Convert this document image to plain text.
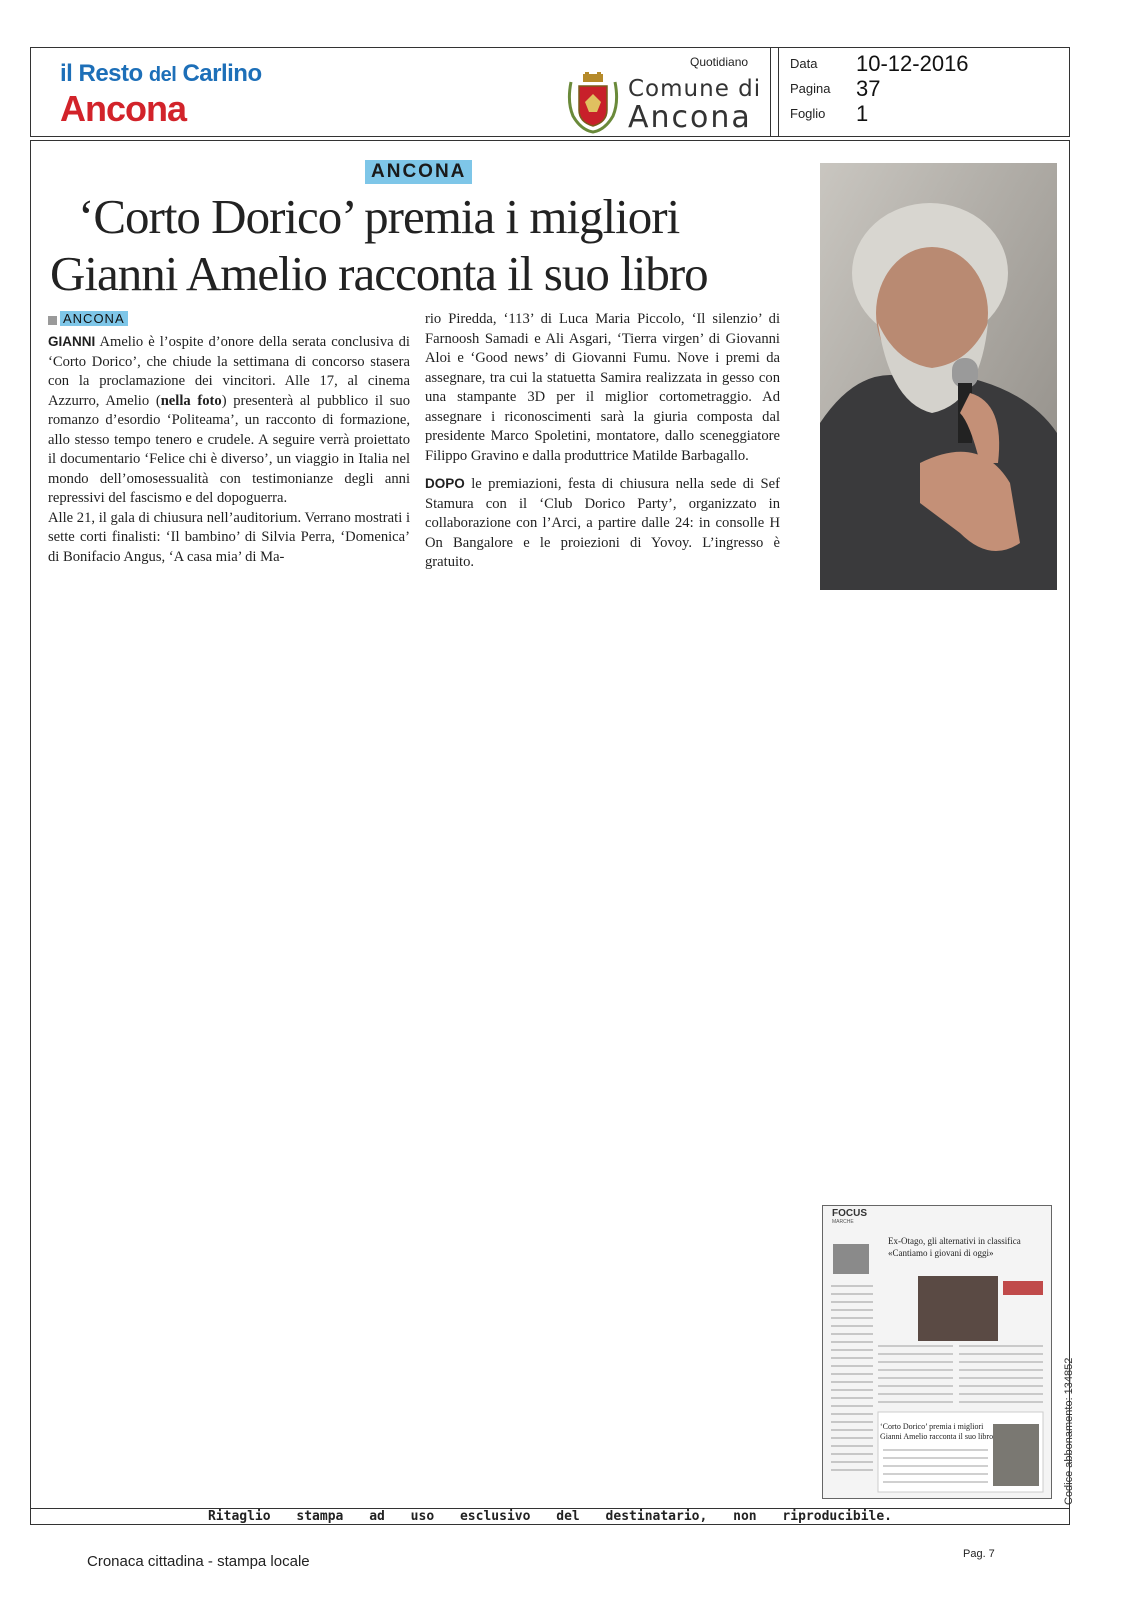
il Resto del Carlino
Ancona
Quotidiano
Comune di
Ancona
Data 10-12-2016
Pagina 37
Foglio 1
ANCONA
‘Corto Dorico’ premia i migliori
Gianni Amelio racconta il suo libro
ANCONA

GIANNI Amelio è l’ospite d’onore della serata conclusiva di ‘Corto Dorico’, che chiude la settimana di concorso stasera con la proclamazione dei vincitori. Alle 17, al cinema Azzurro, Amelio (nella foto) presenterà al pubblico il suo romanzo d’esordio ‘Politeama’, un racconto di formazione, allo stesso tempo tenero e crudele. A seguire verrà proiettato il documentario ‘Felice chi è diverso’, un viaggio in Italia nel mondo dell’omosessualità con testimonianze degli anni repressivi del fascismo e del dopoguerra.

Alle 21, il gala di chiusura nell’auditorium. Verrano mostrati i sette corti finalisti: ‘Il bambino’ di Silvia Perra, ‘Domenica’ di Bonifacio Angus, ‘A casa mia’ di Ma-

rio Piredda, ‘113’ di Luca Maria Piccolo, ‘Il silenzio’ di Farnoosh Samadi e Ali Asgari, ‘Tierra virgen’ di Giovanni Aloi e ‘Good news’ di Giovanni Fumu. Nove i premi da assegnare, tra cui la statuetta Samira realizzata in gesso con una stampante 3D per il miglior cortometraggio. Ad assegnare i riconoscimenti sarà la giuria composta dal presidente Marco Spoletini, montatore, dallo sceneggiatore Filippo Gravino e dalla produttrice Matilde Barbagallo.

DOPO le premiazioni, festa di chiusura nella sede di Sef Stamura con il ‘Club Dorico Party’, organizzato in collaborazione con l’Arci, a partire dalle 24: in consolle H On Bangalore e le proiezioni di Yovoy. L’ingresso è gratuito.

FOCUS
MARCHE
Ex-Otago, gli alternativi in classifica
«Cantiamo i giovani di oggi»
‘Corto Dorico’ premia i migliori
Gianni Amelio racconta il suo libro	Codice abbonamento: 134852
Ritaglio stampa ad uso esclusivo del destinatario, non riproducibile.
Cronaca cittadina - stampa locale	Pag. 7
